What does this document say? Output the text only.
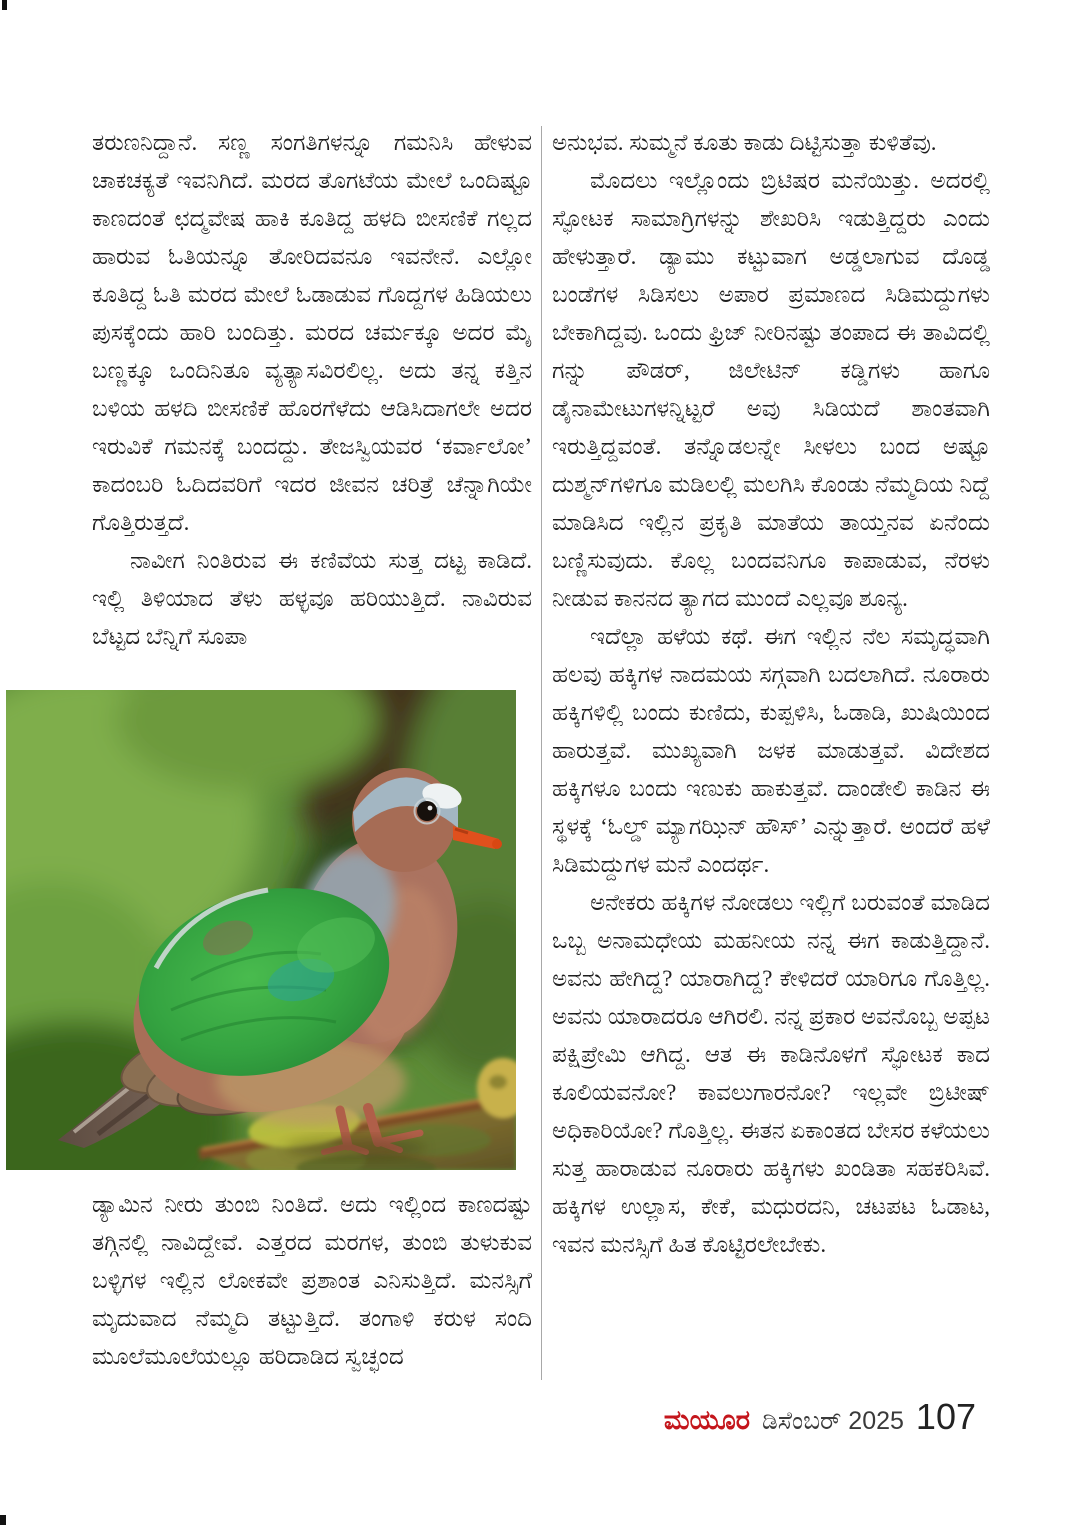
ತರುಣನಿದ್ದಾನೆ. ಸಣ್ಣ ಸಂಗತಿಗಳನ್ನೂ ಗಮನಿಸಿ ಹೇಳುವ ಚಾಕಚಕ್ಯತೆ ಇವನಿಗಿದೆ. ಮರದ ತೊಗಟೆಯ ಮೇಲೆ ಒಂದಿಷ್ಟೂ ಕಾಣದಂತೆ ಛದ್ಮವೇಷ ಹಾಕಿ ಕೂತಿದ್ದ ಹಳದಿ ಬೀಸಣಿಕೆ ಗಲ್ಲದ ಹಾರುವ ಓತಿಯನ್ನೂ ತೋರಿದವನೂ ಇವನೇನೆ. ಎಲ್ಲೋ ಕೂತಿದ್ದ ಓತಿ ಮರದ ಮೇಲೆ ಓಡಾಡುವ ಗೊದ್ದಗಳ ಹಿಡಿಯಲು ಪುಸಕ್ಕೆಂದು ಹಾರಿ ಬಂದಿತ್ತು. ಮರದ ಚರ್ಮಕ್ಕೂ ಅದರ ಮೈ ಬಣ್ಣಕ್ಕೂ ಒಂದಿನಿತೂ ವ್ಯತ್ಯಾಸವಿರಲಿಲ್ಲ. ಅದು ತನ್ನ ಕತ್ತಿನ ಬಳಿಯ ಹಳದಿ ಬೀಸಣಿಕೆ ಹೊರಗೆಳೆದು ಆಡಿಸಿದಾಗಲೇ ಅದರ ಇರುವಿಕೆ ಗಮನಕ್ಕೆ ಬಂದದ್ದು. ತೇಜಸ್ವಿಯವರ ‘ಕರ್ವಾಲೋ’ ಕಾದಂಬರಿ ಓದಿದವರಿಗೆ ಇದರ ಜೀವನ ಚರಿತ್ರೆ ಚೆನ್ನಾಗಿಯೇ ಗೊತ್ತಿರುತ್ತದೆ.

ನಾವೀಗ ನಿಂತಿರುವ ಈ ಕಣಿವೆಯ ಸುತ್ತ ದಟ್ಟ ಕಾಡಿದೆ. ಇಲ್ಲಿ ತಿಳಿಯಾದ ತೆಳು ಹಳ್ಳವೂ ಹರಿಯುತ್ತಿದೆ. ನಾವಿರುವ ಬೆಟ್ಟದ ಬೆನ್ನಿಗೆ ಸೂಪಾ

ಡ್ಯಾಮಿನ ನೀರು ತುಂಬಿ ನಿಂತಿದೆ. ಅದು ಇಲ್ಲಿಂದ ಕಾಣದಷ್ಟು ತಗ್ಗಿನಲ್ಲಿ ನಾವಿದ್ದೇವೆ. ಎತ್ತರದ ಮರಗಳ, ತುಂಬಿ ತುಳುಕುವ ಬಳ್ಳಿಗಳ ಇಲ್ಲಿನ ಲೋಕವೇ ಪ್ರಶಾಂತ ಎನಿಸುತ್ತಿದೆ. ಮನಸ್ಸಿಗೆ ಮೃದುವಾದ ನೆಮ್ಮದಿ ತಟ್ಟುತ್ತಿದೆ. ತಂಗಾಳಿ ಕರುಳ ಸಂದಿ ಮೂಲೆಮೂಲೆಯಲ್ಲೂ ಹರಿದಾಡಿದ ಸ್ವಚ್ಛಂದ

ಅನುಭವ. ಸುಮ್ಮನೆ ಕೂತು ಕಾಡು ದಿಟ್ಟಿಸುತ್ತಾ ಕುಳಿತೆವು.

ಮೊದಲು ಇಲ್ಲೊಂದು ಬ್ರಿಟಿಷರ ಮನೆಯಿತ್ತು. ಅದರಲ್ಲಿ ಸ್ಫೋಟಕ ಸಾಮಾಗ್ರಿಗಳನ್ನು ಶೇಖರಿಸಿ ಇಡುತ್ತಿದ್ದರು ಎಂದು ಹೇಳುತ್ತಾರೆ. ಡ್ಯಾಮು ಕಟ್ಟುವಾಗ ಅಡ್ಡಲಾಗುವ ದೊಡ್ಡ ಬಂಡೆಗಳ ಸಿಡಿಸಲು ಅಪಾರ ಪ್ರಮಾಣದ ಸಿಡಿಮದ್ದುಗಳು ಬೇಕಾಗಿದ್ದವು. ಒಂದು ಫ್ರಿಜ್ ನೀರಿನಷ್ಟು ತಂಪಾದ ಈ ತಾವಿದಲ್ಲಿ ಗನ್ನು ಪೌಡರ್, ಜಿಲೇಟಿನ್ ಕಡ್ಡಿಗಳು ಹಾಗೂ ಡೈನಾಮೇಟುಗಳನ್ನಿಟ್ಟರೆ ಅವು ಸಿಡಿಯದೆ ಶಾಂತವಾಗಿ ಇರುತ್ತಿದ್ದವಂತೆ. ತನ್ನೊಡಲನ್ನೇ ಸೀಳಲು ಬಂದ ಅಷ್ಟೂ ದುಶ್ಮನ್‌ಗಳಿಗೂ ಮಡಿಲಲ್ಲಿ ಮಲಗಿಸಿ ಕೊಂಡು ನೆಮ್ಮದಿಯ ನಿದ್ದೆ ಮಾಡಿಸಿದ ಇಲ್ಲಿನ ಪ್ರಕೃತಿ ಮಾತೆಯ ತಾಯ್ತನವ ಏನೆಂದು ಬಣ್ಣಿಸುವುದು. ಕೊಲ್ಲ ಬಂದವನಿಗೂ ಕಾಪಾಡುವ, ನೆರಳು ನೀಡುವ ಕಾನನದ ತ್ಯಾಗದ ಮುಂದೆ ಎಲ್ಲವೂ ಶೂನ್ಯ.

ಇದೆಲ್ಲಾ ಹಳೆಯ ಕಥೆ. ಈಗ ಇಲ್ಲಿನ ನೆಲ ಸಮೃದ್ಧವಾಗಿ ಹಲವು ಹಕ್ಕಿಗಳ ನಾದಮಯ ಸಗ್ಗವಾಗಿ ಬದಲಾಗಿದೆ. ನೂರಾರು ಹಕ್ಕಿಗಳಿಲ್ಲಿ ಬಂದು ಕುಣಿದು, ಕುಪ್ಪಳಿಸಿ, ಓಡಾಡಿ, ಖುಷಿಯಿಂದ ಹಾರುತ್ತವೆ. ಮುಖ್ಯವಾಗಿ ಜಳಕ ಮಾಡುತ್ತವೆ. ವಿದೇಶದ ಹಕ್ಕಿಗಳೂ ಬಂದು ಇಣುಕು ಹಾಕುತ್ತವೆ. ದಾಂಡೇಲಿ ಕಾಡಿನ ಈ ಸ್ಥಳಕ್ಕೆ ‘ಓಲ್ಡ್ ಮ್ಯಾಗಝಿನ್ ಹೌಸ್’ ಎನ್ನುತ್ತಾರೆ. ಅಂದರೆ ಹಳೆ ಸಿಡಿಮದ್ದುಗಳ ಮನೆ ಎಂದರ್ಥ.

ಅನೇಕರು ಹಕ್ಕಿಗಳ ನೋಡಲು ಇಲ್ಲಿಗೆ ಬರುವಂತೆ ಮಾಡಿದ ಒಬ್ಬ ಅನಾಮಧೇಯ ಮಹನೀಯ ನನ್ನ ಈಗ ಕಾಡುತ್ತಿದ್ದಾನೆ. ಅವನು ಹೇಗಿದ್ದ? ಯಾರಾಗಿದ್ದ? ಕೇಳಿದರೆ ಯಾರಿಗೂ ಗೊತ್ತಿಲ್ಲ. ಅವನು ಯಾರಾದರೂ ಆಗಿರಲಿ. ನನ್ನ ಪ್ರಕಾರ ಅವನೊಬ್ಬ ಅಪ್ಪಟ ಪಕ್ಷಿಪ್ರೇಮಿ ಆಗಿದ್ದ. ಆತ ಈ ಕಾಡಿನೊಳಗೆ ಸ್ಫೋಟಕ ಕಾದ ಕೂಲಿಯವನೋ? ಕಾವಲುಗಾರನೋ? ಇಲ್ಲವೇ ಬ್ರಿಟೀಷ್ ಅಧಿಕಾರಿಯೋ? ಗೊತ್ತಿಲ್ಲ. ಈತನ ಏಕಾಂತದ ಬೇಸರ ಕಳೆಯಲು ಸುತ್ತ ಹಾರಾಡುವ ನೂರಾರು ಹಕ್ಕಿಗಳು ಖಂಡಿತಾ ಸಹಕರಿಸಿವೆ. ಹಕ್ಕಿಗಳ ಉಲ್ಲಾಸ, ಕೇಕೆ, ಮಧುರದನಿ, ಚಟಪಟ ಓಡಾಟ, ಇವನ ಮನಸ್ಸಿಗೆ ಹಿತ ಕೊಟ್ಟಿರಲೇಬೇಕು.

ಮಯೂರ ಡಿಸೆಂಬರ್ 2025 107
